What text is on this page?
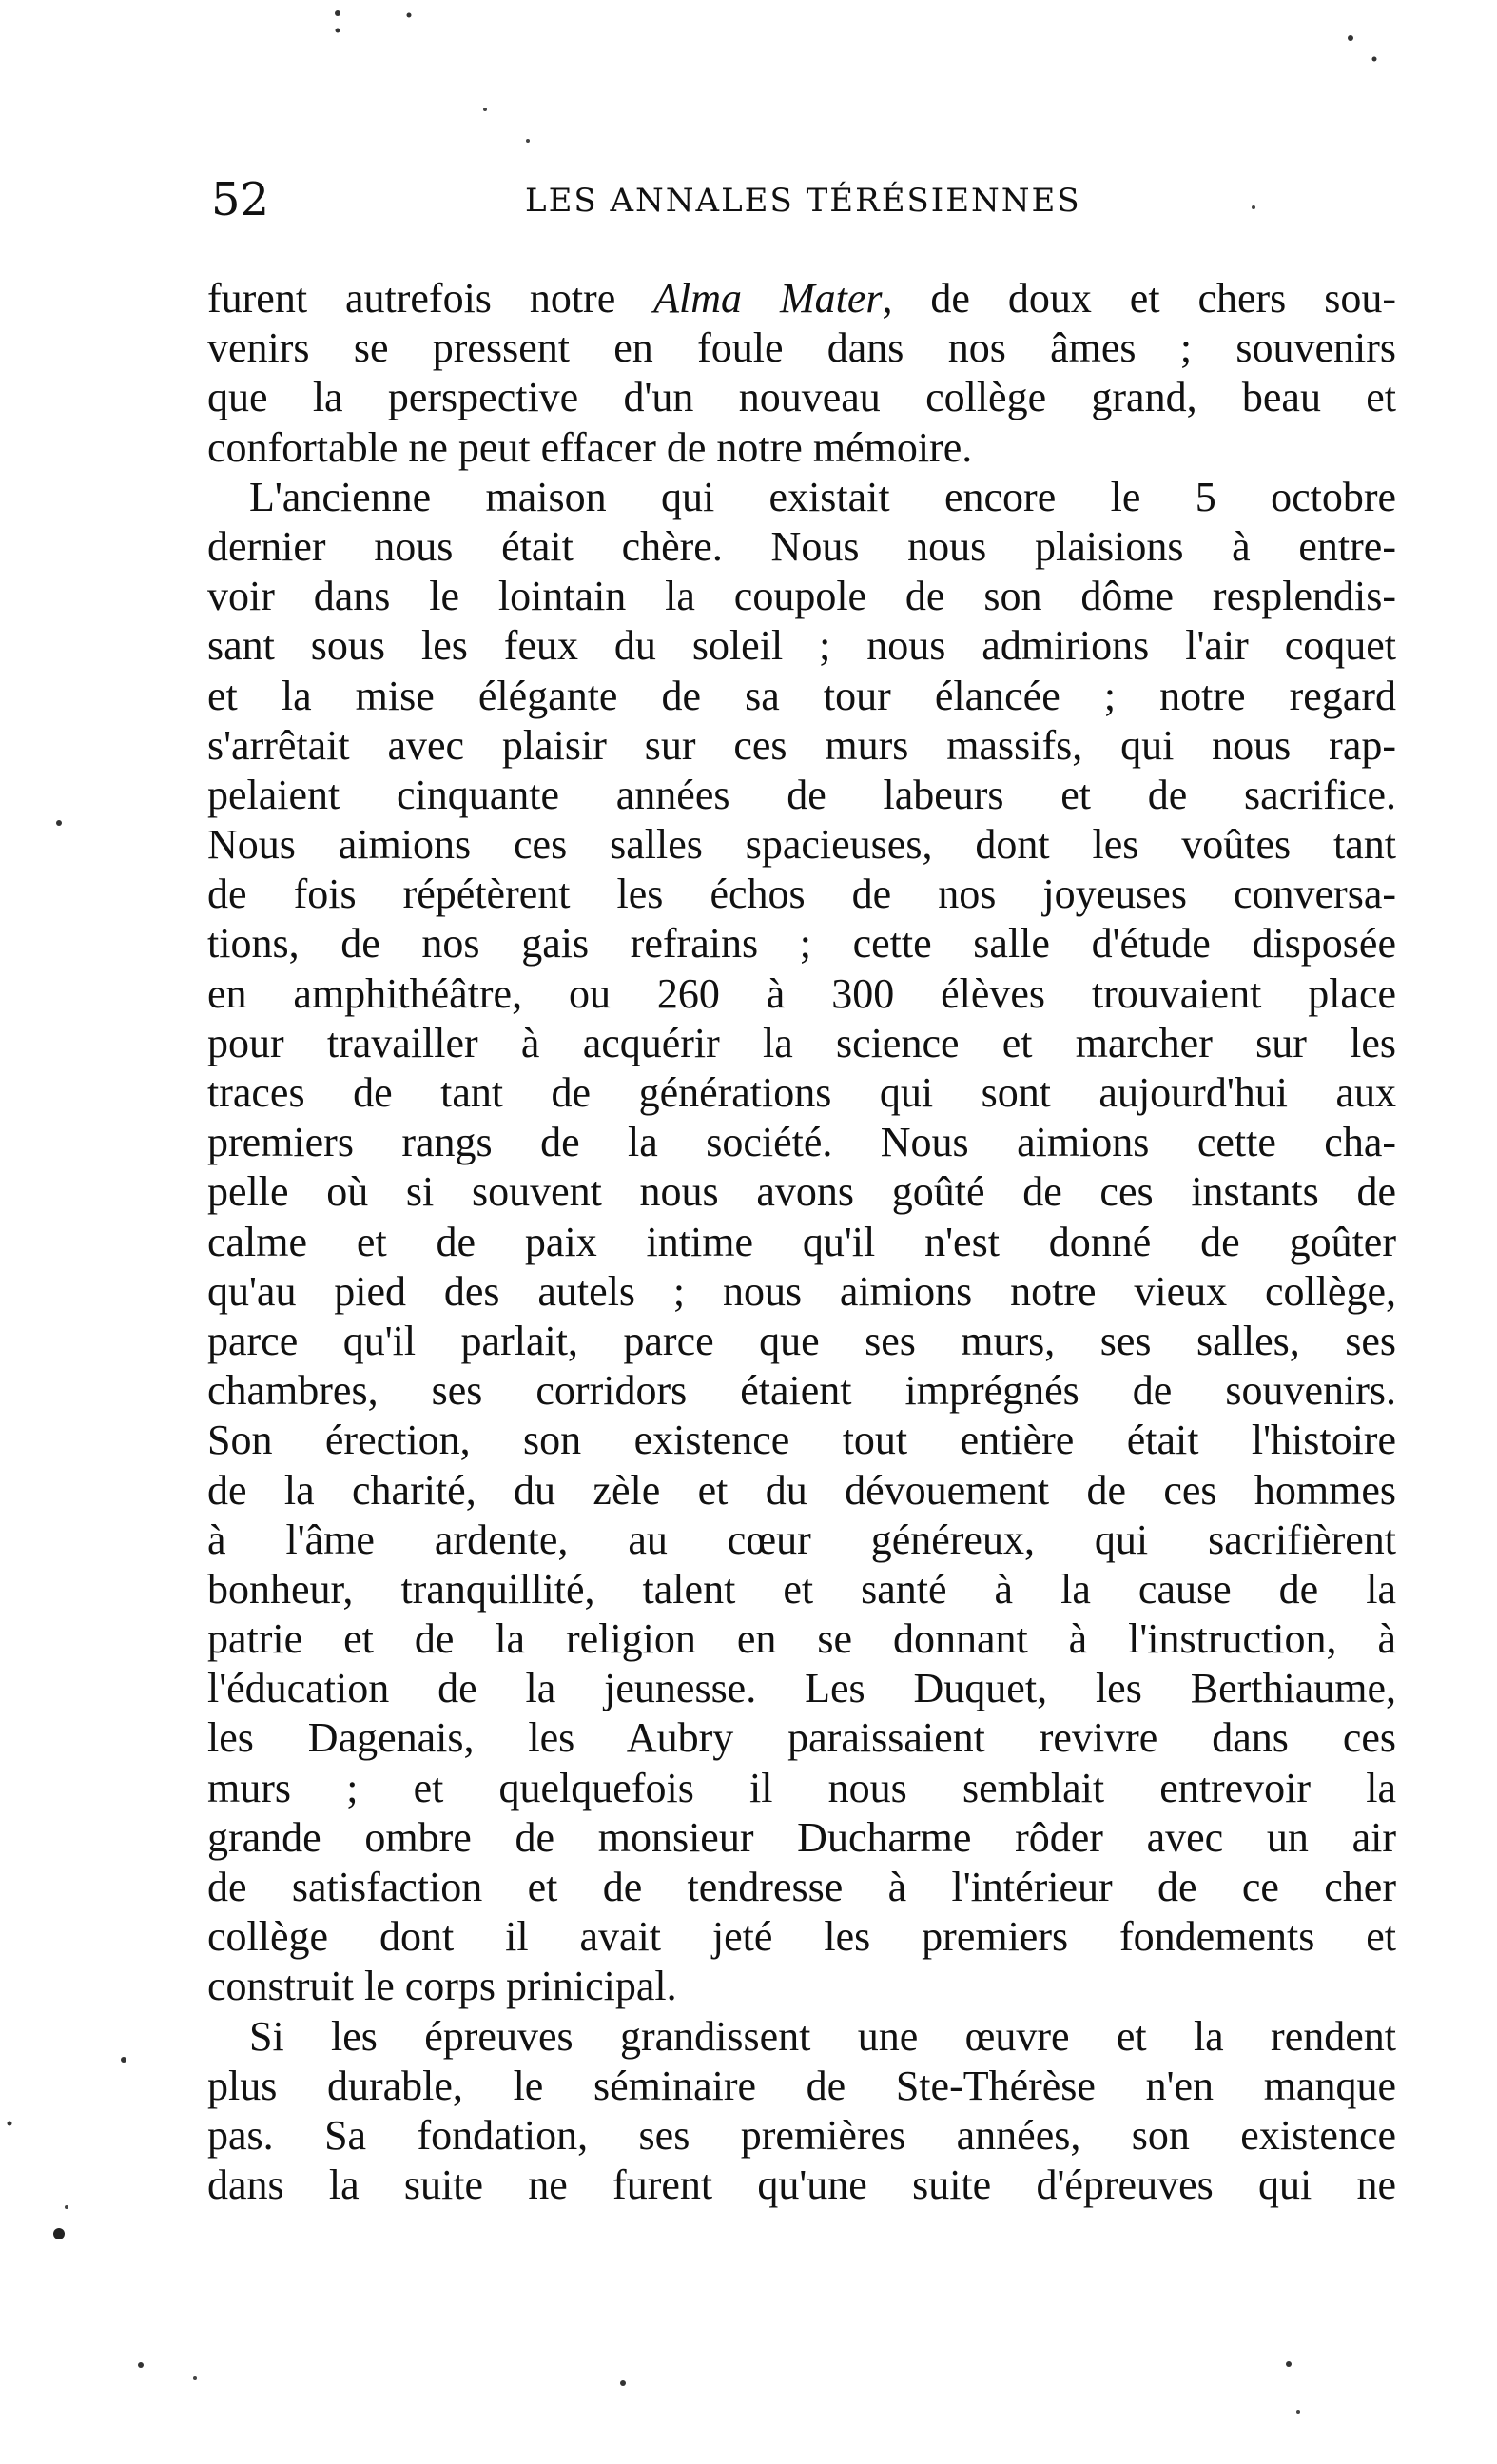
52	LES ANNALES TÉRÉSIENNES
furent autrefois notre Alma Mater, de doux et chers sou-
venirs se pressent en foule dans nos âmes ; souvenirs
que la perspective d'un nouveau collège grand, beau et
confortable ne peut effacer de notre mémoire.
L'ancienne maison qui existait encore le 5 octobre
dernier nous était chère. Nous nous plaisions à entre-
voir dans le lointain la coupole de son dôme resplendis-
sant sous les feux du soleil ; nous admirions l'air coquet
et la mise élégante de sa tour élancée ; notre regard
s'arrêtait avec plaisir sur ces murs massifs, qui nous rap-
pelaient cinquante années de labeurs et de sacrifice.
Nous aimions ces salles spacieuses, dont les voûtes tant
de fois répétèrent les échos de nos joyeuses conversa-
tions, de nos gais refrains ; cette salle d'étude disposée
en amphithéâtre, ou 260 à 300 élèves trouvaient place
pour travailler à acquérir la science et marcher sur les
traces de tant de générations qui sont aujourd'hui aux
premiers rangs de la société. Nous aimions cette cha-
pelle où si souvent nous avons goûté de ces instants de
calme et de paix intime qu'il n'est donné de goûter
qu'au pied des autels ; nous aimions notre vieux collège,
parce qu'il parlait, parce que ses murs, ses salles, ses
chambres, ses corridors étaient imprégnés de souvenirs.
Son érection, son existence tout entière était l'histoire
de la charité, du zèle et du dévouement de ces hommes
à l'âme ardente, au cœur généreux, qui sacrifièrent
bonheur, tranquillité, talent et santé à la cause de la
patrie et de la religion en se donnant à l'instruction, à
l'éducation de la jeunesse. Les Duquet, les Berthiaume,
les Dagenais, les Aubry paraissaient revivre dans ces
murs ; et quelquefois il nous semblait entrevoir la
grande ombre de monsieur Ducharme rôder avec un air
de satisfaction et de tendresse à l'intérieur de ce cher
collège dont il avait jeté les premiers fondements et
construit le corps prinicipal.
Si les épreuves grandissent une œuvre et la rendent
plus durable, le séminaire de Ste-Thérèse n'en manque
pas. Sa fondation, ses premières années, son existence
dans la suite ne furent qu'une suite d'épreuves qui ne
